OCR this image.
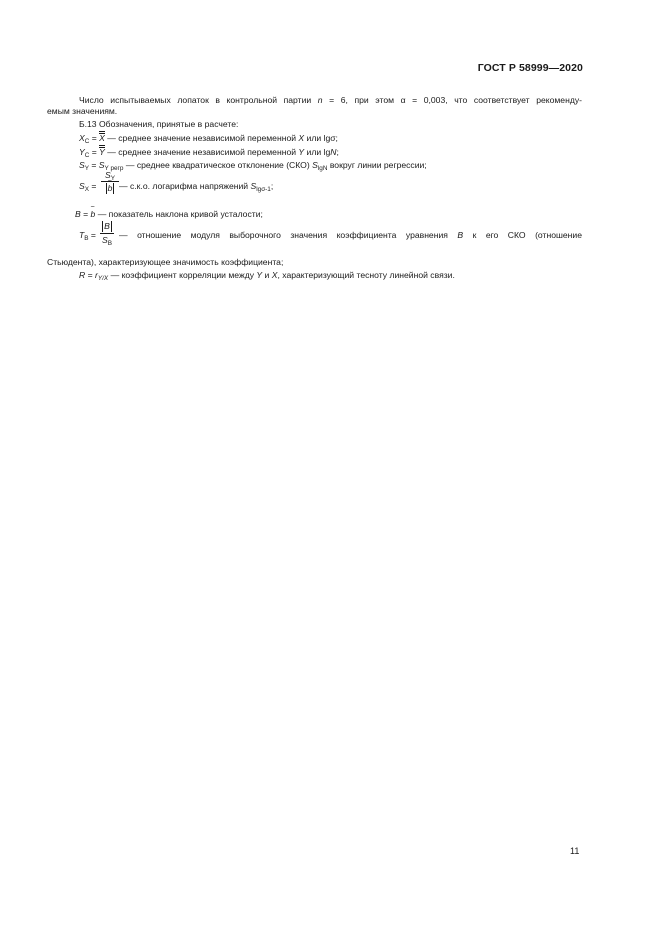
ГОСТ Р 58999—2020
Число испытываемых лопаток в контрольной партии n = 6, при этом α = 0,003, что соответствует рекоменду-
емым значениям.
Б.13 Обозначения, принятые в расчете:
$X_C = X$ — среднее значение независимой переменной X или lgσ;
$Y_C = Y$ — среднее значение независимой переменной Y или lgN;
$S_Y = S_{Y регр}$ — среднее квадратическое отклонение (СКО) $S_{lgN}$ вокруг линии регрессии;
$S_X = \frac{S_Y}{b}$ ~ — с.к.о. логарифма напряжений $S_{lg\sigma-1}$;
B = b ~ — показатель наклона кривой усталости;
$T_B = \frac{B}{S_B}$ — отношение модуля выборочного значения коэффициента уравнения B к его СКО (отношение
Стьюдента), характеризующее значимость коэффициента;
$R = r_{Y/X}$ — коэффициент корреляции между Y и X, характеризующий тесноту линейной связи.
11
